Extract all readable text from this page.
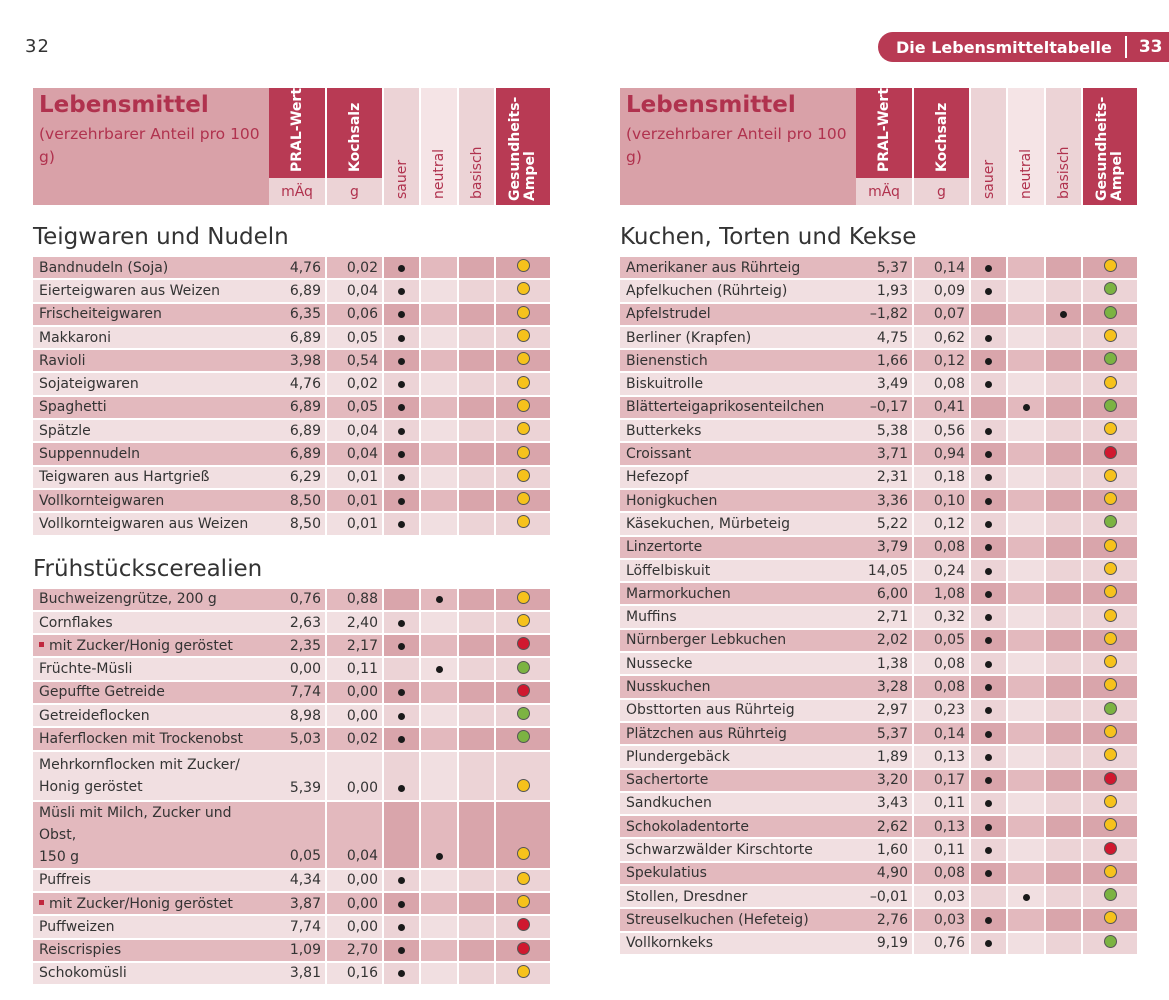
32	Die Lebensmitteltabelle 33
Lebensmittel
(verzehrbarer Anteil pro 100 g)	PRAL-Wert
mÄq
Kochsalz
g	sauer neutral basisch Gesundheits-Ampel
Teigwaren und Nudeln
Bandnudeln (Soja)	4,76		0,02								
Eierteigwaren aus Weizen	6,89		0,04								
Frischeiteigwaren	6,35		0,06								
Makkaroni	6,89		0,05								
Ravioli	3,98		0,54								
Sojateigwaren	4,76		0,02								
Spaghetti	6,89		0,05								
Spätzle	6,89		0,04								
Suppennudeln	6,89		0,04								
Teigwaren aus Hartgrieß	6,29		0,01								
Vollkornteigwaren	8,50		0,01								
Vollkornteigwaren aus Weizen	8,50		0,01								
Frühstückscerealien
Buchweizengrütze, 200 g	0,76		0,88								
Cornflakes	2,63		2,40								
mit Zucker/Honig geröstet	2,35		2,17								
Früchte-Müsli	0,00		0,11								
Gepuffte Getreide	7,74		0,00								
Getreideflocken	8,98		0,00								
Haferflocken mit Trockenobst	5,03		0,02								
Mehrkornflocken mit Zucker/
Honig geröstet	5,39		0,00								
Müsli mit Milch, Zucker und Obst,
150 g	0,05		0,04								
Puffreis	4,34		0,00								
mit Zucker/Honig geröstet	3,87		0,00								
Puffweizen	7,74		0,00								
Reiscrispies	1,09		2,70								
Schokomüsli	3,81		0,16								
Lebensmittel
(verzehrbarer Anteil pro 100 g)	PRAL-Wert
mÄq
Kochsalz
g	sauer neutral basisch Gesundheits-Ampel
Kuchen, Torten und Kekse
Amerikaner aus Rührteig	5,37		0,14								
Apfelkuchen (Rührteig)	1,93		0,09								
Apfelstrudel	–1,82		0,07								
Berliner (Krapfen)	4,75		0,62								
Bienenstich	1,66		0,12								
Biskuitrolle	3,49		0,08								
Blätterteigaprikosenteilchen	–0,17		0,41								
Butterkeks	5,38		0,56								
Croissant	3,71		0,94								
Hefezopf	2,31		0,18								
Honigkuchen	3,36		0,10								
Käsekuchen, Mürbeteig	5,22		0,12								
Linzertorte	3,79		0,08								
Löffelbiskuit	14,05		0,24								
Marmorkuchen	6,00		1,08								
Muffins	2,71		0,32								
Nürnberger Lebkuchen	2,02		0,05								
Nussecke	1,38		0,08								
Nusskuchen	3,28		0,08								
Obsttorten aus Rührteig	2,97		0,23								
Plätzchen aus Rührteig	5,37		0,14								
Plundergebäck	1,89		0,13								
Sachertorte	3,20		0,17								
Sandkuchen	3,43		0,11								
Schokoladentorte	2,62		0,13								
Schwarzwälder Kirschtorte	1,60		0,11								
Spekulatius	4,90		0,08								
Stollen, Dresdner	–0,01		0,03								
Streuselkuchen (Hefeteig)	2,76		0,03								
Vollkornkeks	9,19		0,76								
